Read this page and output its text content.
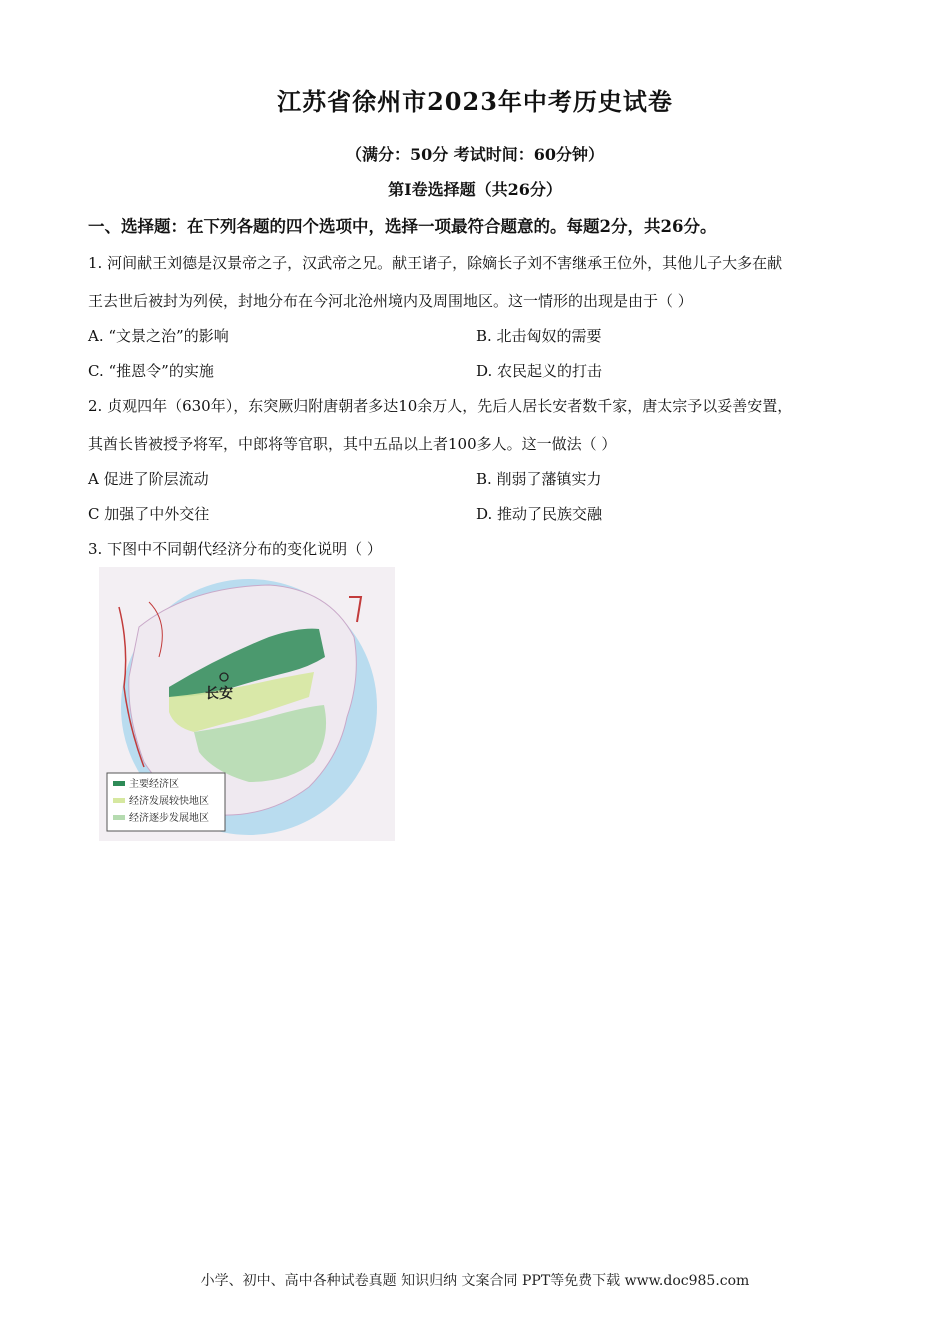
江苏省徐州市2023年中考历史试卷
（满分：50分 考试时间：60分钟）
第Ⅰ卷选择题（共26分）
一、选择题：在下列各题的四个选项中，选择一项最符合题意的。每题2分，共26分。
1. 河间献王刘德是汉景帝之子，汉武帝之兄。献王诸子，除嫡长子刘不害继承王位外，其他儿子大多在献
王去世后被封为列侯，封地分布在今河北沧州境内及周围地区。这一情形的出现是由于（ ）
A. “文景之治”的影响	B. 北击匈奴的需要
C. “推恩令”的实施	D. 农民起义的打击
2. 贞观四年（630年），东突厥归附唐朝者多达10余万人，先后人居长安者数千家，唐太宗予以妥善安置，
其酋长皆被授予将军，中郎将等官职，其中五品以上者100多人。这一做法（ ）
A 促进了阶层流动	B. 削弱了藩镇实力
C 加强了中外交往	D. 推动了民族交融
3. 下图中不同朝代经济分布的变化说明（ ）
长安
主要经济区
经济发展较快地区
经济逐步发展地区
小学、初中、高中各种试卷真题 知识归纳 文案合同 PPT等免费下载 www.doc985.com
